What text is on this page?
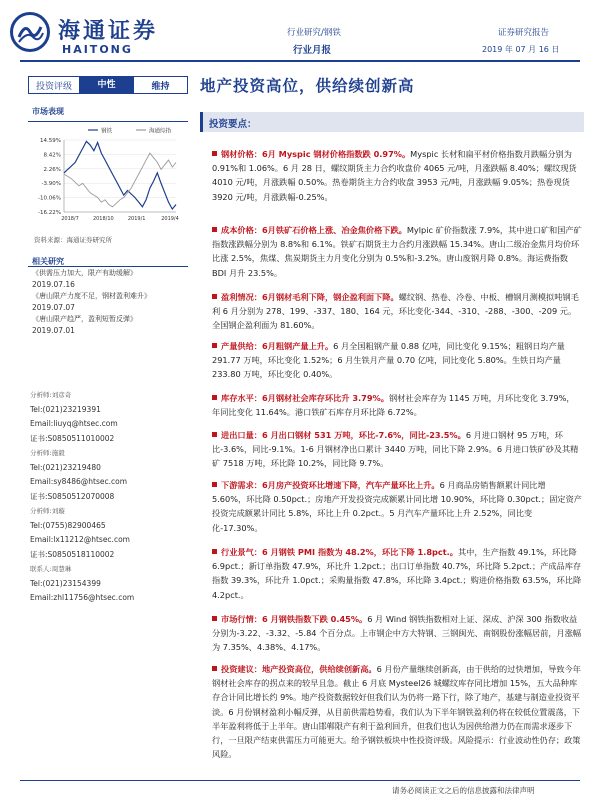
海通证券
HAITONG
行业研究/钢铁
行业月报
证券研究报告
2019 年 07 月 16 日
投资评级	中性	维持	地产投资高位，供给续创新高
市场表现
钢铁	海通综指
14.59%
8.42%
2.26%
-3.90%
-10.06%
-16.22%
2018/7	2018/10	2019/1	2019/4
资料来源：海通证券研究所
相关研究
《供需压力加大，限产有助缓解》
2019.07.16
《唐山限产力度不足，钢材盈利难升》
2019.07.07
《唐山限产趋严，盈利短暂反弹》
2019.07.01
分析师:刘彦奇
Tel:(021)23219391
Email:liuyq@htsec.com
证书:S0850511010002
分析师:施毅
Tel:(021)23219480
Email:sy8486@htsec.com
证书:S0850512070008
分析师:刘璇
Tel:(0755)82900465
Email:lx11212@htsec.com
证书:S0850518110002
联系人:周慧琳
Tel:(021)23154399
Email:zhl11756@htsec.com
投资要点：
钢材价格：6月 Myspic 钢材价格指数跌 0.97%。Myspic 长材和扁平材价格指数月跌幅分别为 0.91%和 1.06%。6 月 28 日，螺纹期货主力合约收盘价 4065 元/吨，月涨跌幅 8.40%；螺纹现货 4010 元/吨，月涨跌幅 0.50%。热卷期货主力合约收盘 3953 元/吨，月涨跌幅 9.05%；热卷现货 3920 元/吨，月涨跌幅-0.25%。
成本价格：6月铁矿石价格上涨、冶金焦价格下跌。Mylpic 矿价指数涨 7.9%，其中进口矿和国产矿指数涨跌幅分别为 8.8%和 6.1%。铁矿石期货主力合约月涨跌幅 15.34%。唐山二级冶金焦月均价环比涨 2.5%，焦煤、焦炭期货主力月变化分别为 0.5%和-3.2%。唐山废钢月降 0.8%。海运费指数 BDI 月升 23.5%。
盈利情况：6月钢材毛利下降，钢企盈利面下降。螺纹钢、热卷、冷卷、中板、槽钢月测模拟吨钢毛利 6 月分别为 278、199、-337、180、164 元，环比变化-344、-310、-288、-300、-209 元。全国钢企盈利面为 81.60%。
产量供给：6月粗钢产量上升。6 月全国粗钢产量 0.88 亿吨，同比变化 9.15%；粗钢日均产量 291.77 万吨，环比变化 1.52%；6 月生铁月产量 0.70 亿吨，同比变化 5.80%。生铁日均产量 233.80 万吨，环比变化 0.40%。
库存水平：6月钢材社会库存环比升 3.79%。钢材社会库存为 1145 万吨，月环比变化 3.79%，年同比变化 11.64%。港口铁矿石库存月环比降 6.72%。
进出口量：6 月出口钢材 531 万吨，环比-7.6%，同比-23.5%。6 月进口钢材 95 万吨，环比-3.6%，同比-9.1%。1-6 月钢材净出口累计 3440 万吨，同比下降 2.9%。6 月进口铁矿砂及其精矿 7518 万吨，环比降 10.2%，同比降 9.7%。
下游需求：6月房产投资环比增速下降，汽车产量环比上升。6 月商品房销售额累计同比增 5.60%，环比降 0.50pct.；房地产开发投资完成额累计同比增 10.90%，环比降 0.30pct.；固定资产投资完成额累计同比 5.8%，环比上升 0.2pct.。5 月汽车产量环比上升 2.52%，同比变化-17.30%。
行业景气：6 月钢铁 PMI 指数为 48.2%，环比下降 1.8pct.。其中，生产指数 49.1%，环比降 6.9pct.；新订单指数 47.9%，环比升 1.2pct.；出口订单指数 40.7%，环比降 5.2pct.；产成品库存指数 39.3%，环比升 1.0pct.；采购量指数 47.8%，环比降 3.4pct.；购进价格指数 63.5%，环比降 4.2pct.。
市场行情：6 月钢铁指数下跌 0.45%。6 月 Wind 钢铁指数相对上证、深成、沪深 300 指数收益分别为-3.22、-3.32、-5.84 个百分点。上市钢企中方大特钢、三钢闽光、南钢股份涨幅居前，月涨幅为 7.35%、4.38%、4.17%。
投资建议：地产投资高位，供给续创新高。6 月份产量继续创新高，由于供给的过快增加，导致今年钢材社会库存的拐点来的较早且急。截止 6 月底 Mysteel26 城螺纹库存同比增加 15%，五大品种库存合计同比增长约 9%。地产投资数据较好但我们认为仍将一路下行，除了地产，基建与制造业投资平淡。6 月份钢材盈利小幅反弹，从目前供需趋势看，我们认为下半年钢铁盈利仍将在较低位置震荡，下半年盈利将低于上半年。唐山邯郸限产有利于盈利回升，但我们也认为因供给潜力仍在而需求逐步下行，一旦限产结束供需压力可能更大。给予钢铁板块中性投资评级。风险提示：行业波动性仍存；政策风险。
请务必阅读正文之后的信息披露和法律声明
